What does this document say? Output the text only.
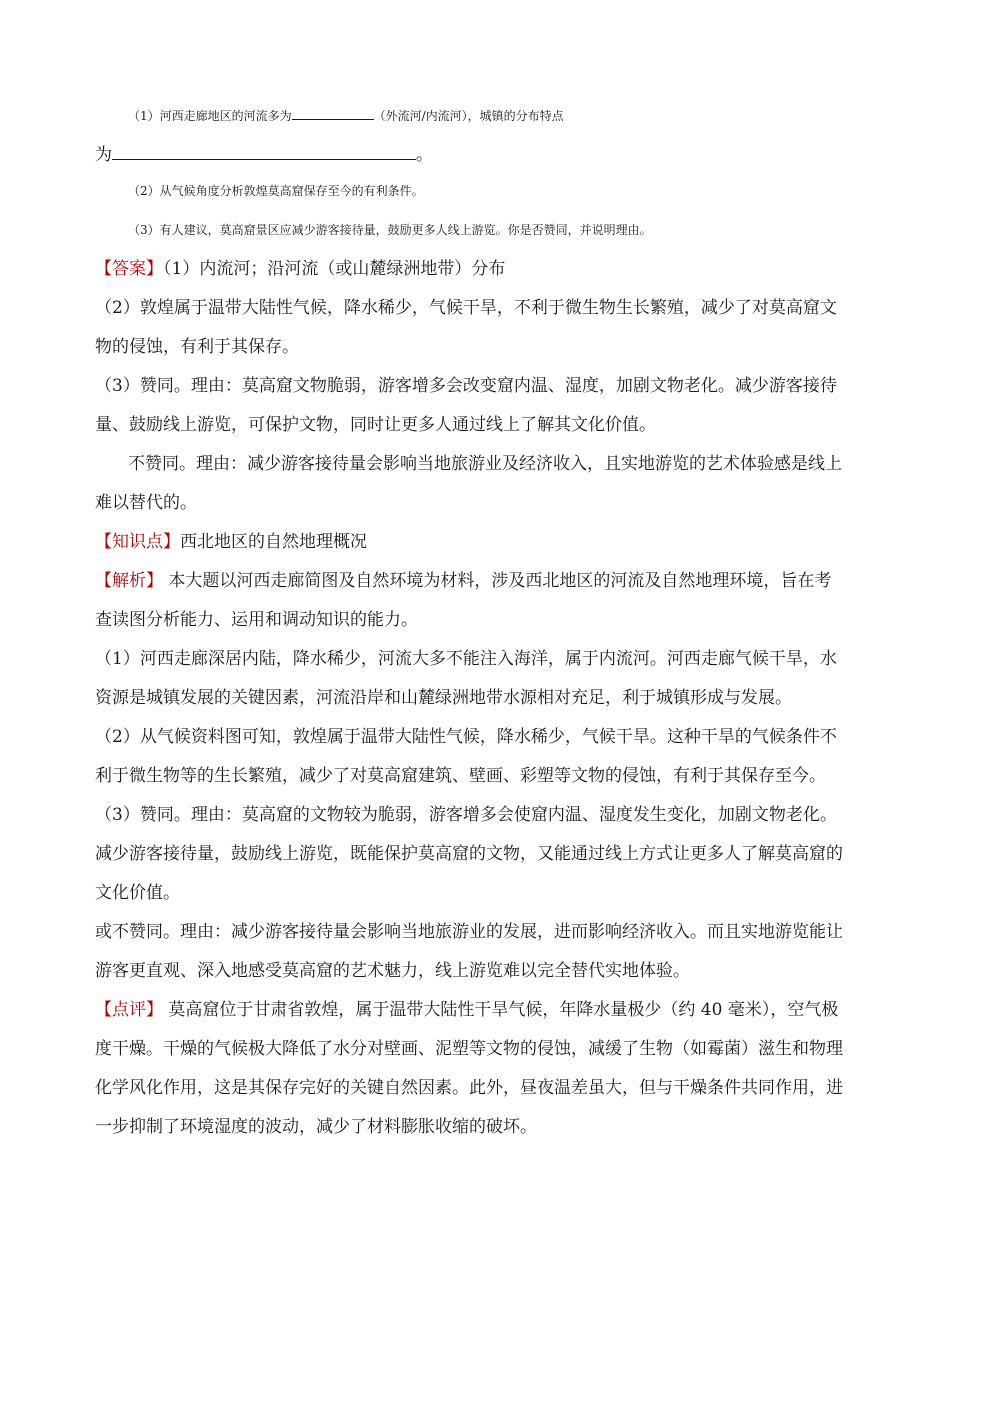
（1）河西走廊地区的河流多为	（外流河/内流河），城镇的分布特点
为	。
（2）从气候角度分析敦煌莫高窟保存至今的有利条件。
（3）有人建议，莫高窟景区应减少游客接待量，鼓励更多人线上游览。你是否赞同，并说明理由。
【答案】（1）内流河；沿河流（或山麓绿洲地带）分布
（2）敦煌属于温带大陆性气候，降水稀少，气候干旱，不利于微生物生长繁殖，减少了对莫高窟文
物的侵蚀，有利于其保存。
（3）赞同。理由：莫高窟文物脆弱，游客增多会改变窟内温、湿度，加剧文物老化。减少游客接待
量、鼓励线上游览，可保护文物，同时让更多人通过线上了解其文化价值。
不赞同。理由：减少游客接待量会影响当地旅游业及经济收入，且实地游览的艺术体验感是线上
难以替代的。
【知识点】西北地区的自然地理概况
【解析】 本大题以河西走廊简图及自然环境为材料，涉及西北地区的河流及自然地理环境，旨在考
查读图分析能力、运用和调动知识的能力。
（1）河西走廊深居内陆，降水稀少，河流大多不能注入海洋，属于内流河。河西走廊气候干旱，水
资源是城镇发展的关键因素，河流沿岸和山麓绿洲地带水源相对充足，利于城镇形成与发展。
（2）从气候资料图可知，敦煌属于温带大陆性气候，降水稀少，气候干旱。这种干旱的气候条件不
利于微生物等的生长繁殖，减少了对莫高窟建筑、壁画、彩塑等文物的侵蚀，有利于其保存至今。
（3）赞同。理由：莫高窟的文物较为脆弱，游客增多会使窟内温、湿度发生变化，加剧文物老化。
减少游客接待量，鼓励线上游览，既能保护莫高窟的文物，又能通过线上方式让更多人了解莫高窟的
文化价值。
或不赞同。理由：减少游客接待量会影响当地旅游业的发展，进而影响经济收入。而且实地游览能让
游客更直观、深入地感受莫高窟的艺术魅力，线上游览难以完全替代实地体验。
【点评】 莫高窟位于甘肃省敦煌，属于温带大陆性干旱气候，年降水量极少（约 40 毫米），空气极
度干燥。干燥的气候极大降低了水分对壁画、泥塑等文物的侵蚀，减缓了生物（如霉菌）滋生和物理
化学风化作用，这是其保存完好的关键自然因素。此外，昼夜温差虽大，但与干燥条件共同作用，进
一步抑制了环境湿度的波动，减少了材料膨胀收缩的破坏。
